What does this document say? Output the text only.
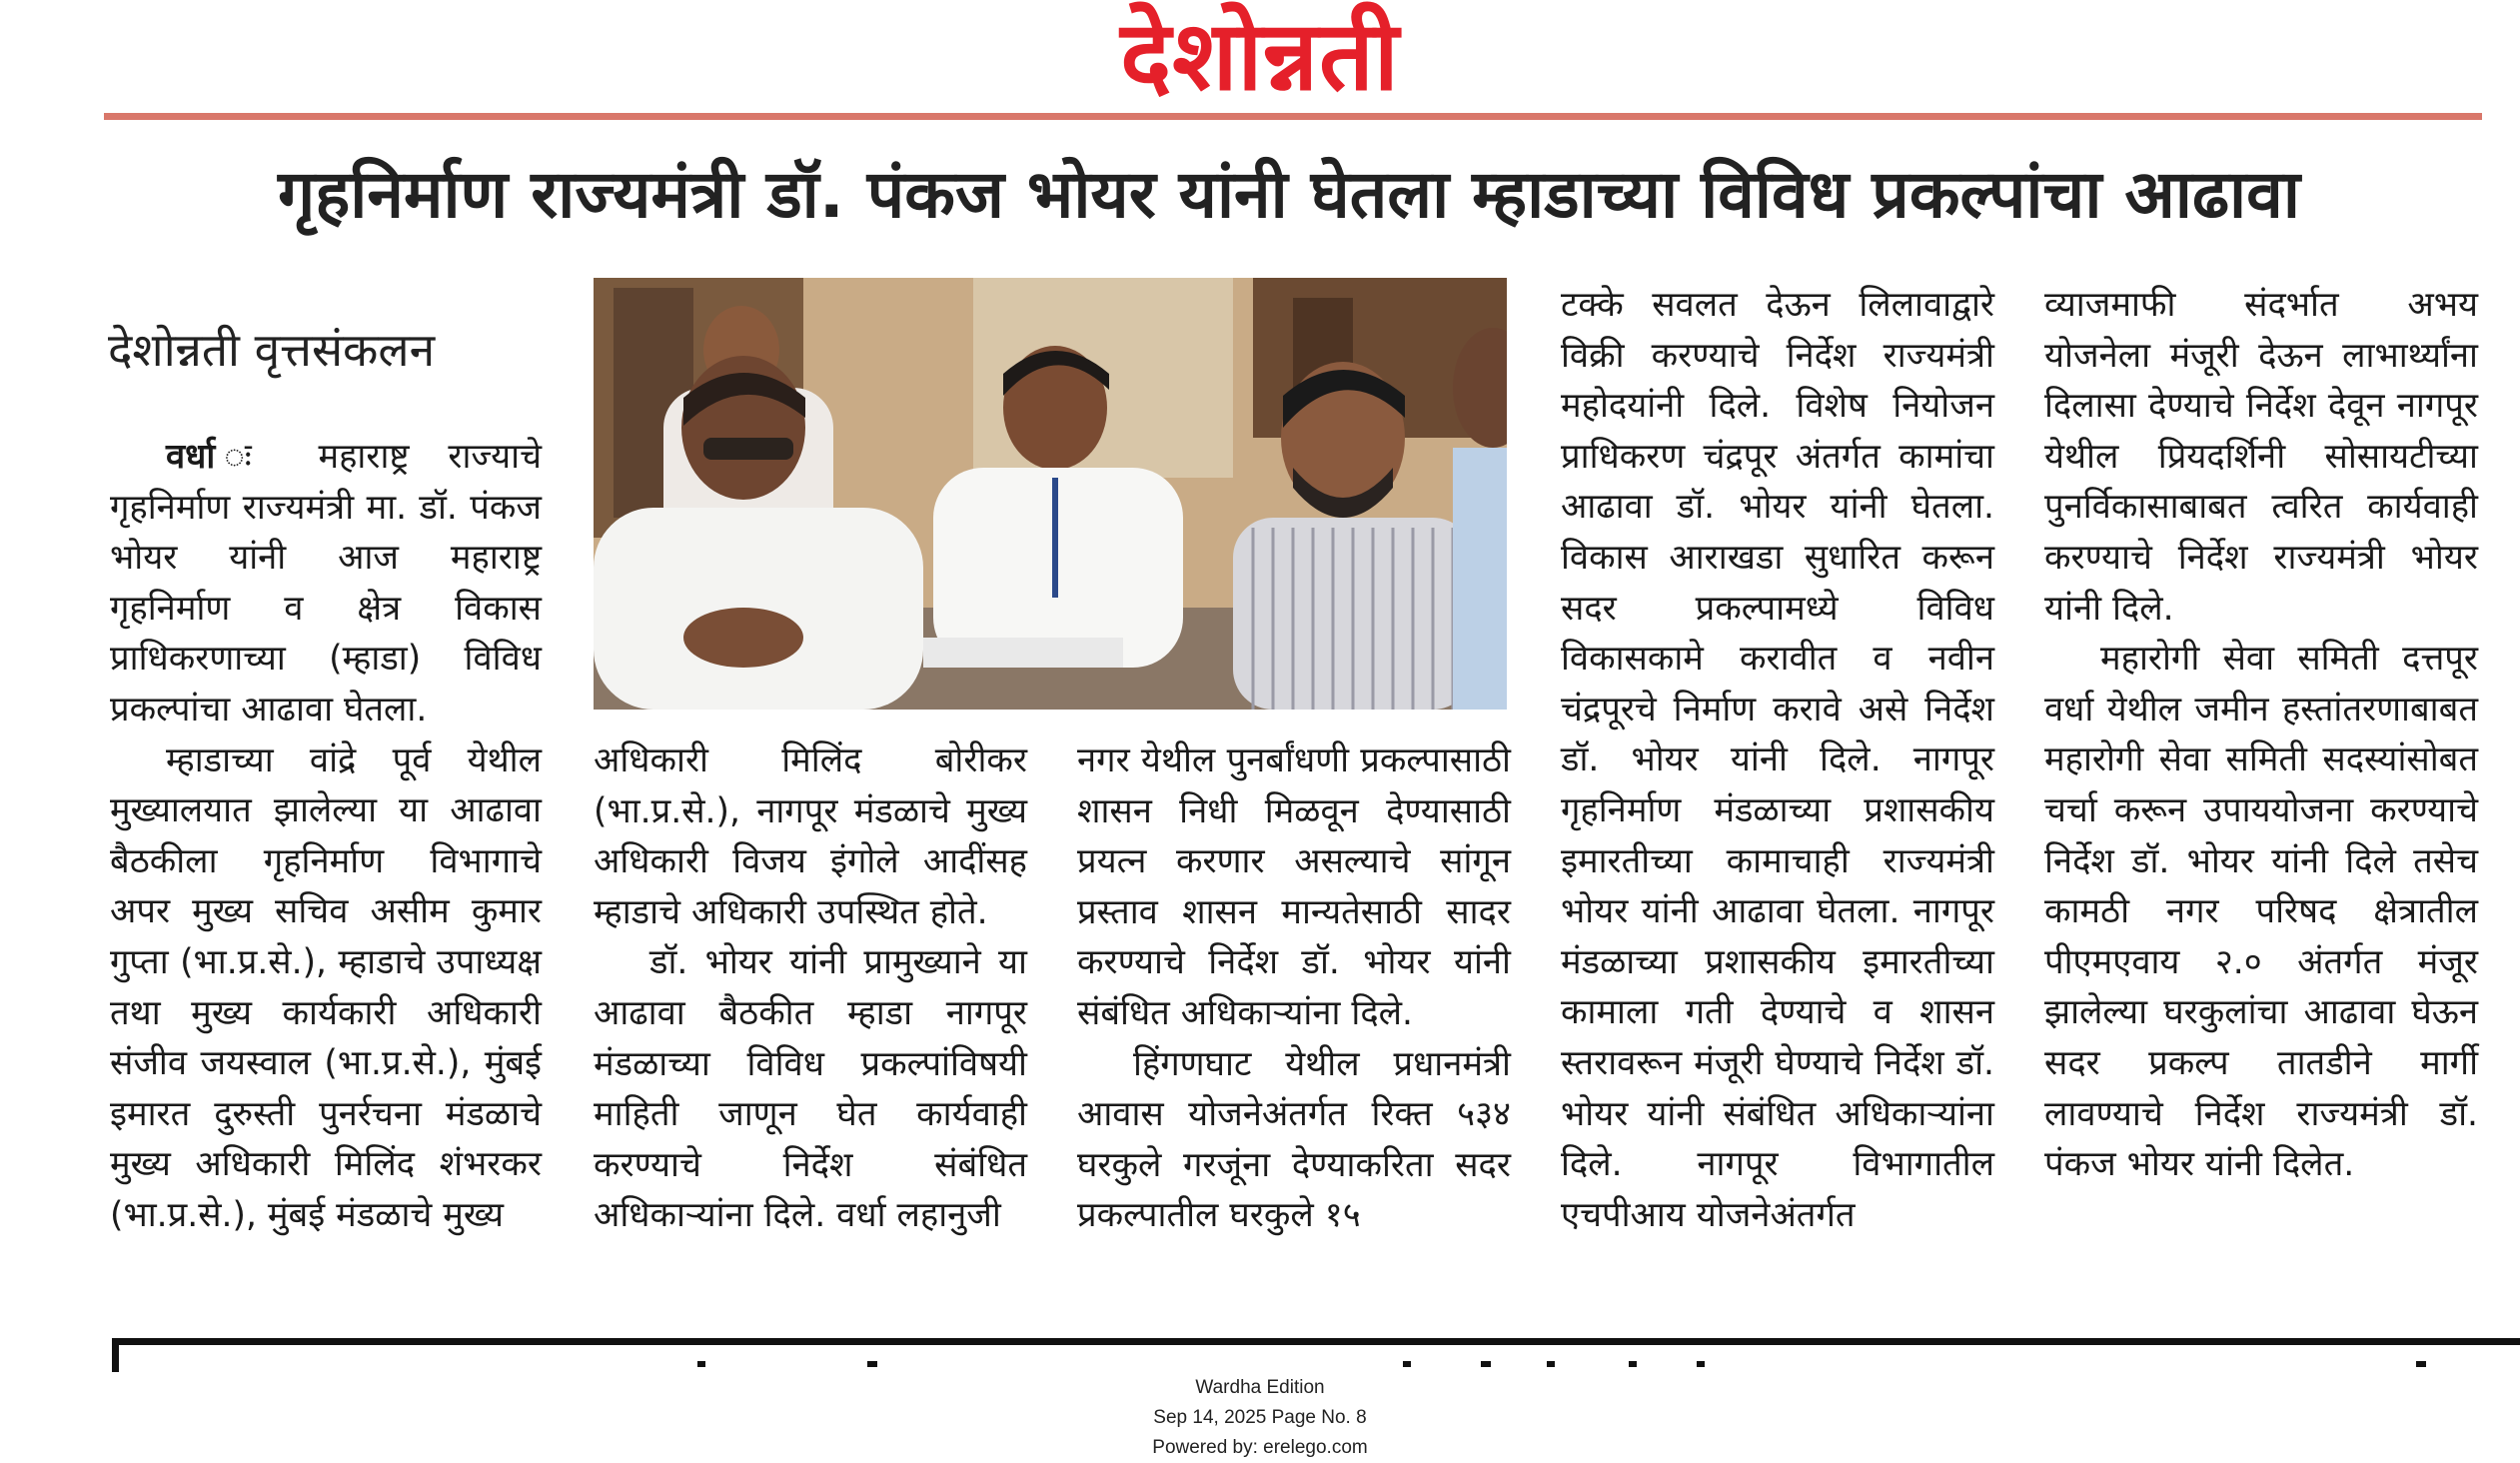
देशोन्नती
गृहनिर्माण राज्यमंत्री डॉ. पंकज भोयर यांनी घेतला म्हाडाच्या विविध प्रकल्पांचा आढावा
देशोन्नती वृत्तसंकलन

वर्धा ः महाराष्ट्र राज्याचे गृहनिर्माण राज्यमंत्री मा. डॉ. पंकज भोयर यांनी आज महाराष्ट्र गृहनिर्माण व क्षेत्र विकास प्राधिकरणाच्या (म्हाडा) विविध प्रकल्पांचा आढावा घेतला.

म्हाडाच्या वांद्रे पूर्व येथील मुख्यालयात झालेल्या या आढावा बैठकीला गृहनिर्माण विभागाचे अपर मुख्य सचिव असीम कुमार गुप्ता (भा.प्र.से.), म्हाडाचे उपाध्यक्ष तथा मुख्य कार्यकारी अधिकारी संजीव जयस्वाल (भा.प्र.से.), मुंबई इमारत दुरुस्ती पुनर्रचना मंडळाचे मुख्य अधिकारी मिलिंद शंभरकर (भा.प्र.से.), मुंबई मंडळाचे मुख्य

अधिकारी मिलिंद बोरीकर (भा.प्र.से.), नागपूर मंडळाचे मुख्य अधिकारी विजय इंगोले आदींसह म्हाडाचे अधिकारी उपस्थित होते.

डॉ. भोयर यांनी प्रामुख्याने या आढावा बैठकीत म्हाडा नागपूर मंडळाच्या विविध प्रकल्पांविषयी माहिती जाणून घेत कार्यवाही करण्याचे निर्देश संबंधित अधिकाऱ्यांना दिले. वर्धा लहानुजी

नगर येथील पुनर्बांधणी प्रकल्पासाठी शासन निधी मिळवून देण्यासाठी प्रयत्न करणार असल्याचे सांगून प्रस्ताव शासन मान्यतेसाठी सादर करण्याचे निर्देश डॉ. भोयर यांनी संबंधित अधिकाऱ्यांना दिले.

हिंगणघाट येथील प्रधानमंत्री आवास योजनेअंतर्गत रिक्त ५३४ घरकुले गरजूंना देण्याकरिता सदर प्रकल्पातील घरकुले १५

टक्के सवलत देऊन लिलावाद्वारे विक्री करण्याचे निर्देश राज्यमंत्री महोदयांनी दिले. विशेष नियोजन प्राधिकरण चंद्रपूर अंतर्गत कामांचा आढावा डॉ. भोयर यांनी घेतला. विकास आराखडा सुधारित करून सदर प्रकल्पामध्ये विविध विकासकामे करावीत व नवीन चंद्रपूरचे निर्माण करावे असे निर्देश डॉ. भोयर यांनी दिले. नागपूर गृहनिर्माण मंडळाच्या प्रशासकीय इमारतीच्या कामाचाही राज्यमंत्री भोयर यांनी आढावा घेतला. नागपूर मंडळाच्या प्रशासकीय इमारतीच्या कामाला गती देण्याचे व शासन स्तरावरून मंजूरी घेण्याचे निर्देश डॉ. भोयर यांनी संबंधित अधिकाऱ्यांना दिले. नागपूर विभागातील एचपीआय योजनेअंतर्गत

व्याजमाफी संदर्भात अभय योजनेला मंजूरी देऊन लाभार्थ्यांना दिलासा देण्याचे निर्देश देवून नागपूर येथील प्रियदर्शिनी सोसायटीच्या पुनर्विकासाबाबत त्वरित कार्यवाही करण्याचे निर्देश राज्यमंत्री भोयर यांनी दिले.

महारोगी सेवा समिती दत्तपूर वर्धा येथील जमीन हस्तांतरणाबाबत महारोगी सेवा समिती सदस्यांसोबत चर्चा करून उपाययोजना करण्याचे निर्देश डॉ. भोयर यांनी दिले तसेच कामठी नगर परिषद क्षेत्रातील पीएमएवाय २.० अंतर्गत मंजूर झालेल्या घरकुलांचा आढावा घेऊन सदर प्रकल्प तातडीने मार्गी लावण्याचे निर्देश राज्यमंत्री डॉ. पंकज भोयर यांनी दिलेत.

Wardha Edition
Sep 14, 2025 Page No. 8
Powered by: erelego.com
